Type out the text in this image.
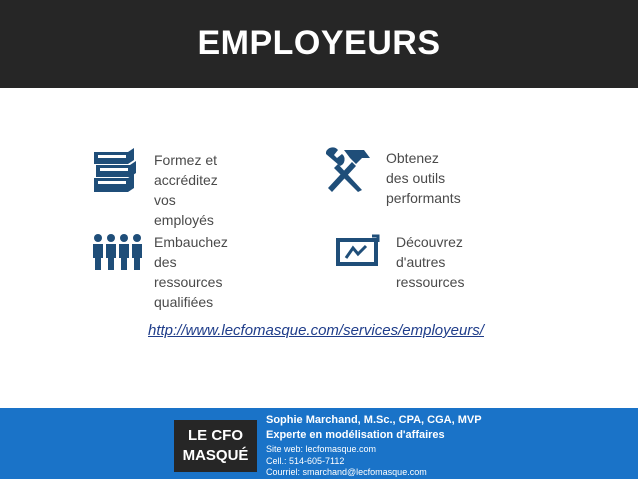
EMPLOYEURS
Formez et accréditez
vos employés
Obtenez des outils
performants
Embauchez des
ressources qualifiées
Découvrez d'autres
ressources
http://www.lecfomasque.com/services/employeurs/
LE CFO
MASQUÉ
Sophie Marchand, M.Sc., CPA, CGA, MVP
Experte en modélisation d'affaires
Site web: lecfomasque.com
Cell.: 514-605-7112
Courriel: smarchand@lecfomasque.com
